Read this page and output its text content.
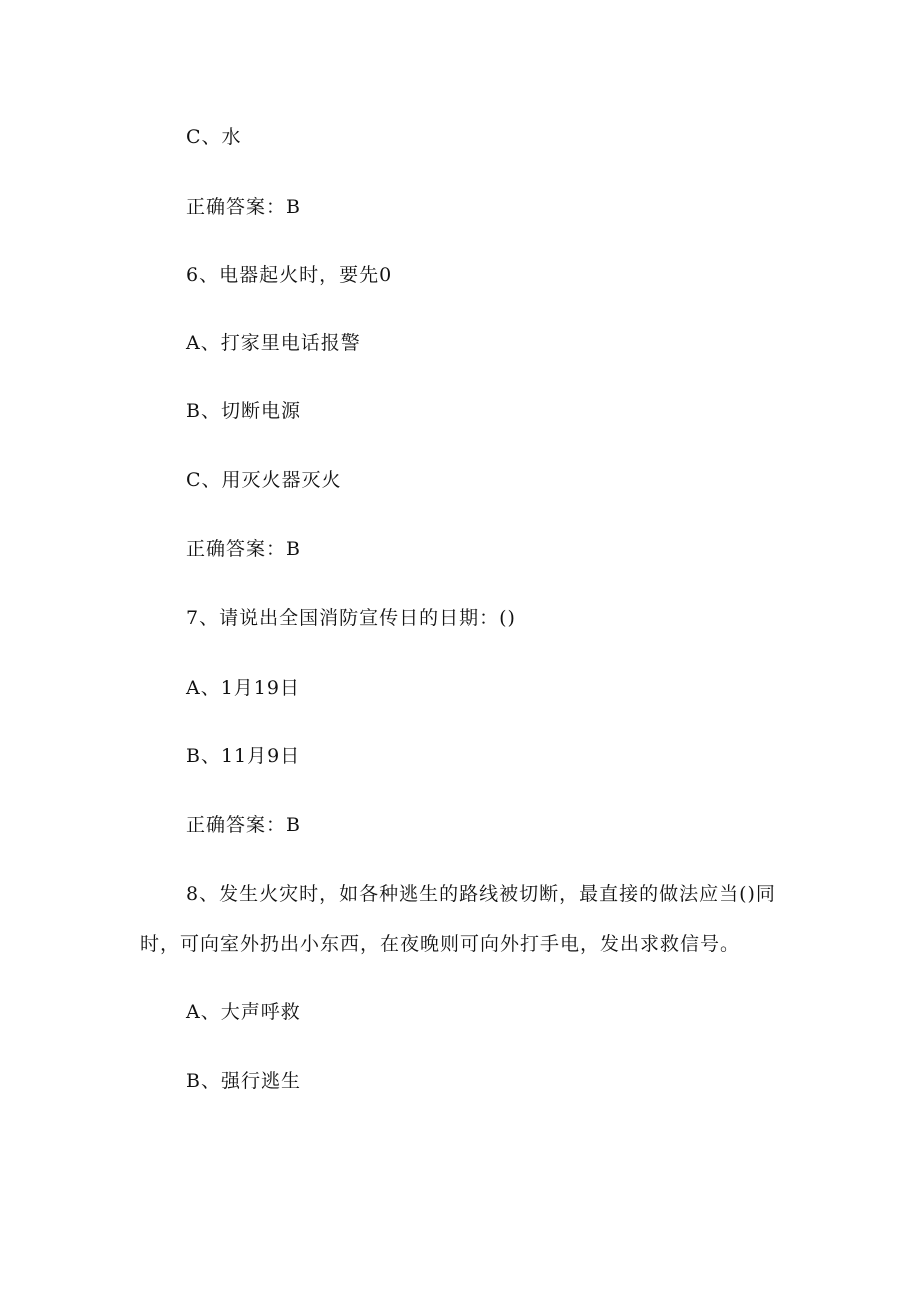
C、水
正确答案：B
6、电器起火时，要先0
A、打家里电话报警
B、切断电源
C、用灭火器灭火
正确答案：B
7、请说出全国消防宣传日的日期：()
A、1月19日
B、11月9日
正确答案：B
8、发生火灾时，如各种逃生的路线被切断，最直接的做法应当()同
时，可向室外扔出小东西，在夜晚则可向外打手电，发出求救信号。
A、大声呼救
B、强行逃生
